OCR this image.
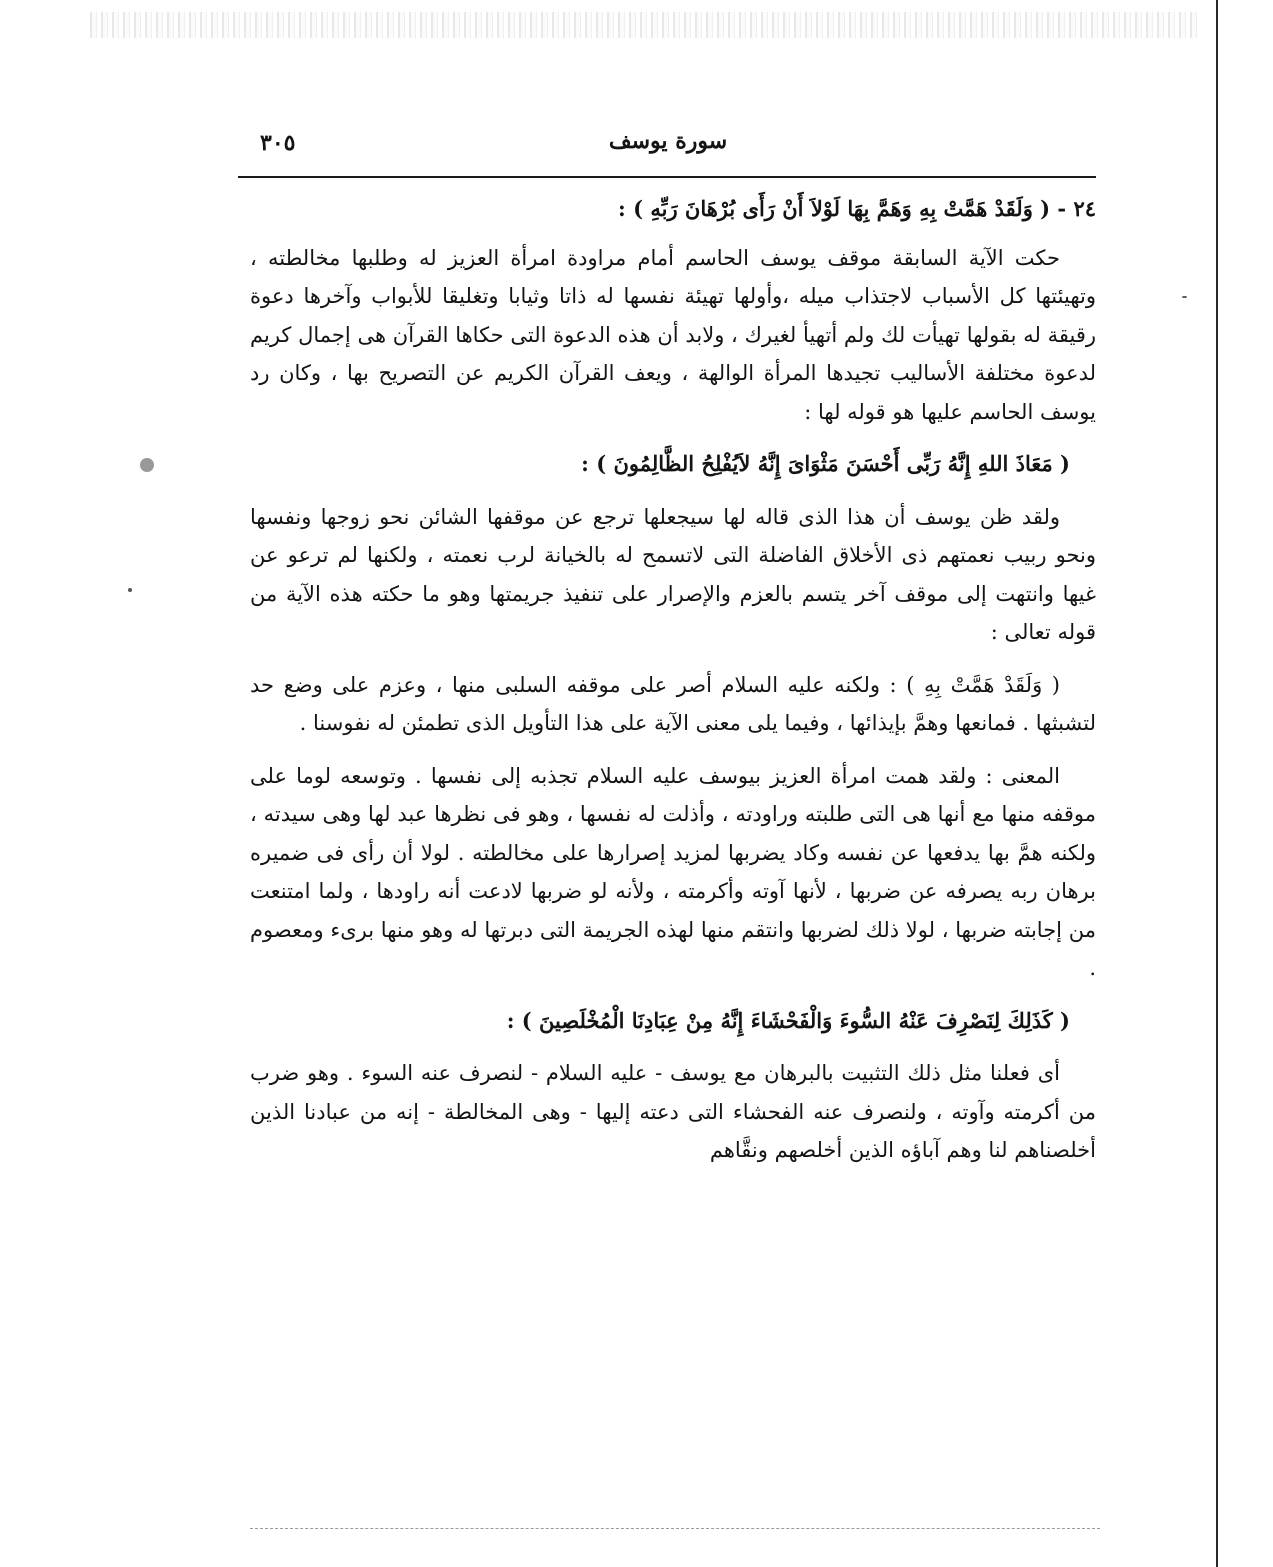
سورة يوسف
٣٠٥

٢٤ - ( وَلَقَدْ هَمَّتْ بِهِ وَهَمَّ بِهَا لَوْلاَ أَنْ رَأَى بُرْهَانَ رَبِّهِ ) :

حكت الآية السابقة موقف يوسف الحاسم أمام مراودة امرأة العزيز له وطلبها مخالطته ، وتهيئتها كل الأسباب لاجتذاب ميله ،وأولها تهيئة نفسها له ذاتا وثيابا وتغليقا للأبواب وآخرها دعوة رقيقة له بقولها تهيأت لك ولم أتهيأ لغيرك ، ولابد أن هذه الدعوة التى حكاها القرآن هى إجمال كريم لدعوة مختلفة الأساليب تجيدها المرأة الوالهة ، ويعف القرآن الكريم عن التصريح بها ، وكان رد يوسف الحاسم عليها هو قوله لها :

( مَعَاذَ اللهِ إِنَّهُ رَبِّى أَحْسَنَ مَثْوَاىَ إِنَّهُ لاَيُفْلِحُ الظَّالِمُونَ ) :

ولقد ظن يوسف أن هذا الذى قاله لها سيجعلها ترجع عن موقفها الشائن نحو زوجها ونفسها ونحو ربيب نعمتهم ذى الأخلاق الفاضلة التى لاتسمح له بالخيانة لرب نعمته ، ولكنها لم ترعو عن غيها وانتهت إلى موقف آخر يتسم بالعزم والإصرار على تنفيذ جريمتها وهو ما حكته هذه الآية من قوله تعالى :

( وَلَقَدْ هَمَّتْ بِهِ ) : ولكنه عليه السلام أصر على موقفه السلبى منها ، وعزم على وضع حد لتشبثها . فمانعها وهمَّ بإيذائها ، وفيما يلى معنى الآية على هذا التأويل الذى تطمئن له نفوسنا .

المعنى : ولقد همت امرأة العزيز بيوسف عليه السلام تجذبه إلى نفسها . وتوسعه لوما على موقفه منها مع أنها هى التى طلبته وراودته ، وأذلت له نفسها ، وهو فى نظرها عبد لها وهى سيدته ، ولكنه همَّ بها يدفعها عن نفسه وكاد يضربها لمزيد إصرارها على مخالطته . لولا أن رأى فى ضميره برهان ربه يصرفه عن ضربها ، لأنها آوته وأكرمته ، ولأنه لو ضربها لادعت أنه راودها ، ولما امتنعت من إجابته ضربها ، لولا ذلك لضربها وانتقم منها لهذه الجريمة التى دبرتها له وهو منها برىء ومعصوم .

( كَذَلِكَ لِنَصْرِفَ عَنْهُ السُّوءَ وَالْفَحْشَاءَ إِنَّهُ مِنْ عِبَادِنَا الْمُخْلَصِينَ ) :

أى فعلنا مثل ذلك التثبيت بالبرهان مع يوسف - عليه السلام - لنصرف عنه السوء . وهو ضرب من أكرمته وآوته ، ولنصرف عنه الفحشاء التى دعته إليها - وهى المخالطة - إنه من عبادنا الذين أخلصناهم لنا وهم آباؤه الذين أخلصهم ونقَّاهم
